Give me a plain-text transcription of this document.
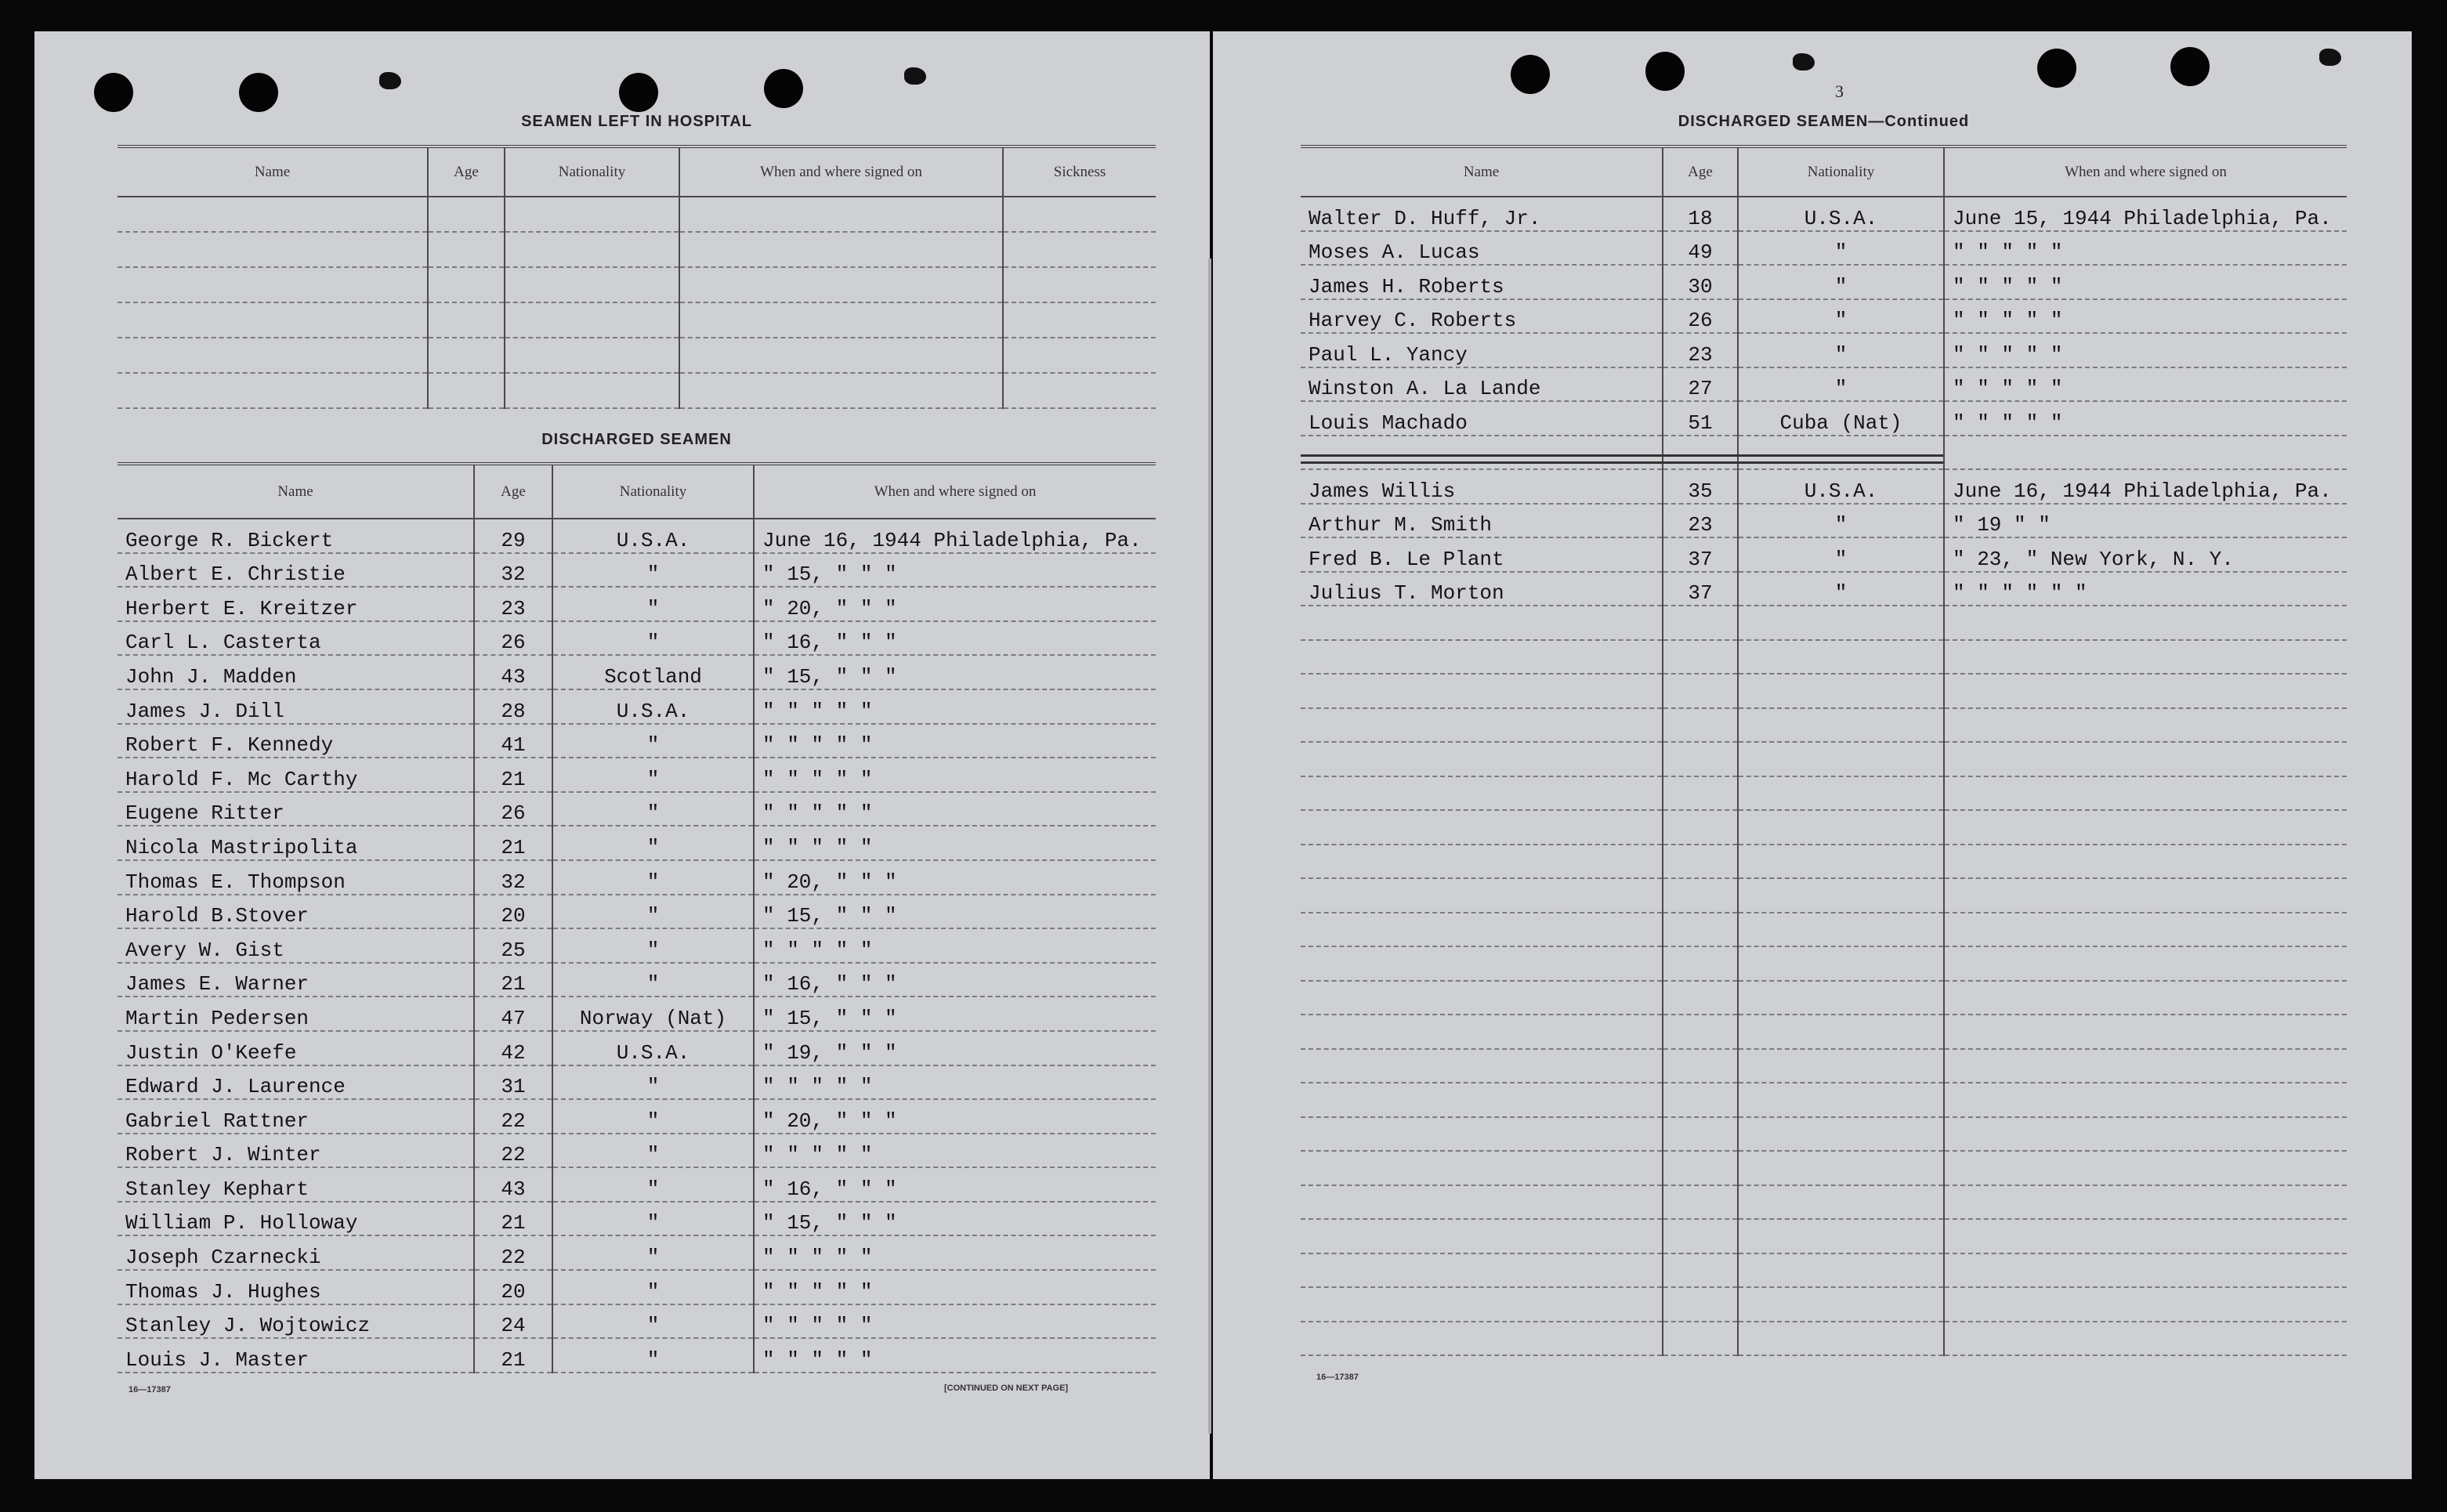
SEAMEN LEFT IN HOSPITAL
Name	Age	Nationality	When and where signed on	Sickness

DISCHARGED SEAMEN
Name	Age	Nationality	When and where signed on
George R. Bickert	29	U.S.A.	June 16, 1944 Philadelphia, Pa.
Albert E. Christie	32	"	" 15, " " "
Herbert E. Kreitzer	23	"	" 20, " " "
Carl L. Casterta	26	"	" 16, " " "
John J. Madden	43	Scotland	" 15, " " "
James J. Dill	28	U.S.A.	" " " " "
Robert F. Kennedy	41	"	" " " " "
Harold F. Mc Carthy	21	"	" " " " "
Eugene Ritter	26	"	" " " " "
Nicola Mastripolita	21	"	" " " " "
Thomas E. Thompson	32	"	" 20, " " "
Harold B.Stover	20	"	" 15, " " "
Avery W. Gist	25	"	" " " " "
James E. Warner	21	"	" 16, " " "
Martin Pedersen	47	Norway (Nat)	" 15, " " "
Justin O'Keefe	42	U.S.A.	" 19, " " "
Edward J. Laurence	31	"	" " " " "
Gabriel Rattner	22	"	" 20, " " "
Robert J. Winter	22	"	" " " " "
Stanley Kephart	43	"	" 16, " " "
William P. Holloway	21	"	" 15, " " "
Joseph Czarnecki	22	"	" " " " "
Thomas J. Hughes	20	"	" " " " "
Stanley J. Wojtowicz	24	"	" " " " "
Louis J. Master	21	"	" " " " "
16—17387	[CONTINUED ON NEXT PAGE]
3
DISCHARGED SEAMEN—Continued
Name	Age	Nationality	When and where signed on
Walter D. Huff, Jr.	18	U.S.A.	June 15, 1944 Philadelphia, Pa.
Moses A. Lucas	49	"	" " " " "
James H. Roberts	30	"	" " " " "
Harvey C. Roberts	26	"	" " " " "
Paul L. Yancy	23	"	" " " " "
Winston A. La Lande	27	"	" " " " "
Louis Machado	51	Cuba (Nat)	" " " " "

James Willis	35	U.S.A.	June 16, 1944 Philadelphia, Pa.
Arthur M. Smith	23	"	" 19 " "
Fred B. Le Plant	37	"	" 23, " New York, N. Y.
Julius T. Morton	37	"	" " " " " "

16—17387
